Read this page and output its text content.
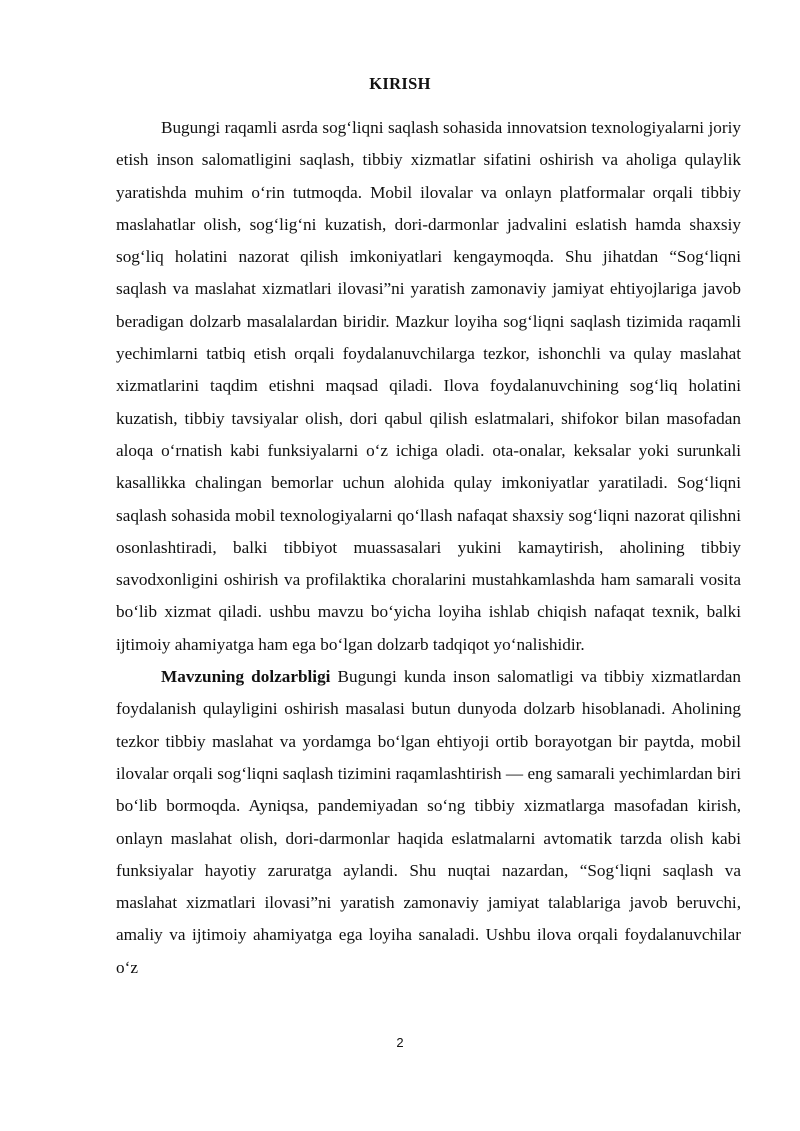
KIRISH

Bugungi raqamli asrda sog‘liqni saqlash sohasida innovatsion texnologiyalarni joriy etish inson salomatligini saqlash, tibbiy xizmatlar sifatini oshirish va aholiga qulaylik yaratishda muhim o‘rin tutmoqda. Mobil ilovalar va onlayn platformalar orqali tibbiy maslahatlar olish, sog‘lig‘ni kuzatish, dori-darmonlar jadvalini eslatish hamda shaxsiy sog‘liq holatini nazorat qilish imkoniyatlari kengaymoqda. Shu jihatdan “Sog‘liqni saqlash va maslahat xizmatlari ilovasi”ni yaratish zamonaviy jamiyat ehtiyojlariga javob beradigan dolzarb masalalardan biridir. Mazkur loyiha sog‘liqni saqlash tizimida raqamli yechimlarni tatbiq etish orqali foydalanuvchilarga tezkor, ishonchli va qulay maslahat xizmatlarini taqdim etishni maqsad qiladi. Ilova foydalanuvchining sog‘liq holatini kuzatish, tibbiy tavsiyalar olish, dori qabul qilish eslatmalari, shifokor bilan masofadan aloqa o‘rnatish kabi funksiyalarni o‘z ichiga oladi. ota-onalar, keksalar yoki surunkali kasallikka chalingan bemorlar uchun alohida qulay imkoniyatlar yaratiladi. Sog‘liqni saqlash sohasida mobil texnologiyalarni qo‘llash nafaqat shaxsiy sog‘liqni nazorat qilishni osonlashtiradi, balki tibbiyot muassasalari yukini kamaytirish, aholining tibbiy savodxonligini oshirish va profilaktika choralarini mustahkamlashda ham samarali vosita bo‘lib xizmat qiladi. ushbu mavzu bo‘yicha loyiha ishlab chiqish nafaqat texnik, balki ijtimoiy ahamiyatga ham ega bo‘lgan dolzarb tadqiqot yo‘nalishidir.

Mavzuning dolzarbligi Bugungi kunda inson salomatligi va tibbiy xizmatlardan foydalanish qulayligini oshirish masalasi butun dunyoda dolzarb hisoblanadi. Aholining tezkor tibbiy maslahat va yordamga bo‘lgan ehtiyoji ortib borayotgan bir paytda, mobil ilovalar orqali sog‘liqni saqlash tizimini raqamlashtirish — eng samarali yechimlardan biri bo‘lib bormoqda. Ayniqsa, pandemiyadan so‘ng tibbiy xizmatlarga masofadan kirish, onlayn maslahat olish, dori-darmonlar haqida eslatmalarni avtomatik tarzda olish kabi funksiyalar hayotiy zaruratga aylandi. Shu nuqtai nazardan, “Sog‘liqni saqlash va maslahat xizmatlari ilovasi”ni yaratish zamonaviy jamiyat talablariga javob beruvchi, amaliy va ijtimoiy ahamiyatga ega loyiha sanaladi. Ushbu ilova orqali foydalanuvchilar o‘z

2
